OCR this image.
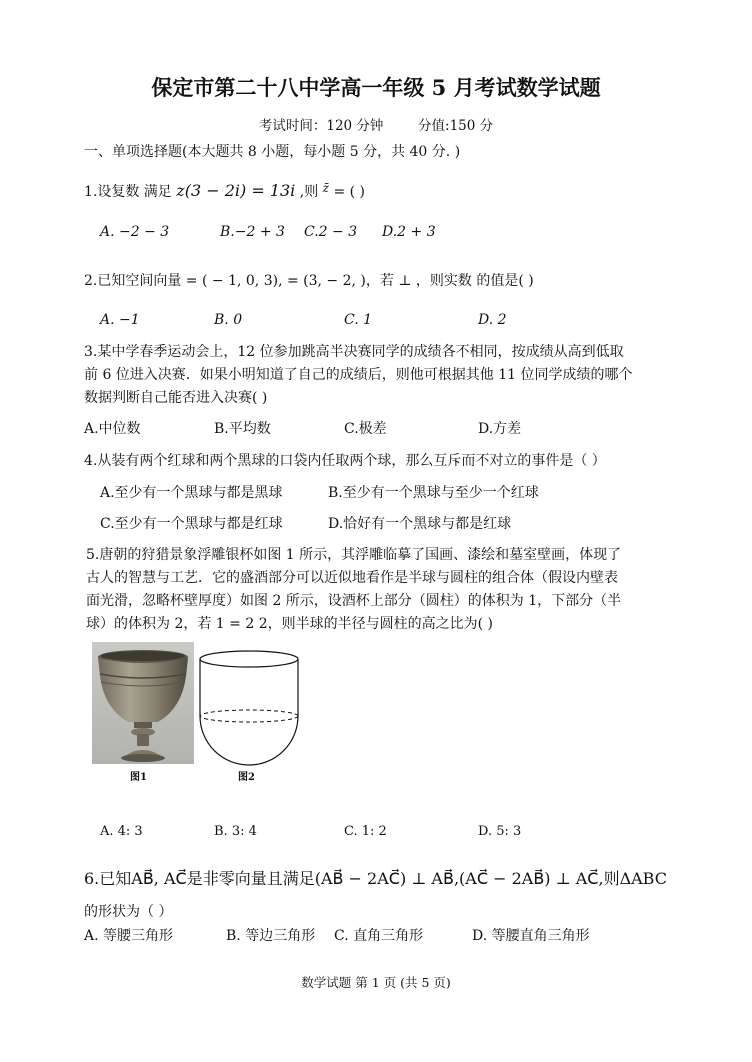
保定市第二十八中学高一年级 5 月考试数学试题
考试时间：120 分钟	分值:150 分
一、单项选择题(本大题共 8 小题，每小题 5 分，共 40 分. )
1.设复数 满足 z(3 − 2i) = 13i ,则 z̄ = ( )
A. −2 − 3	B.−2 + 3 C.2 − 3 D.2 + 3
2.已知空间向量 = ( − 1, 0, 3), = (3, − 2, )，若 ⊥ ，则实数 的值是( )
A. −1	B. 0	C. 1	D. 2
3.某中学春季运动会上，12 位参加跳高半决赛同学的成绩各不相同，按成绩从高到低取
前 6 位进入决赛．如果小明知道了自己的成绩后，则他可根据其他 11 位同学成绩的哪个
数据判断自己能否进入决赛( )
A.中位数	B.平均数	C.极差	D.方差
4.从装有两个红球和两个黑球的口袋内任取两个球，那么互斥而不对立的事件是（ ）
A.至少有一个黑球与都是黑球	B.至少有一个黑球与至少一个红球
C.至少有一个黑球与都是红球	D.恰好有一个黑球与都是红球
5.唐朝的狩猎景象浮雕银杯如图 1 所示，其浮雕临摹了国画、漆绘和墓室壁画，体现了
古人的智慧与工艺．它的盛酒部分可以近似地看作是半球与圆柱的组合体（假设内壁表
面光滑，忽略杯壁厚度）如图 2 所示，设酒杯上部分（圆柱）的体积为 1，下部分（半
球）的体积为 2，若 1 = 2 2，则半球的半径与圆柱的高之比为( )
图1	图2
A. 4: 3	B. 3: 4	C. 1: 2	D. 5: 3
6.已知AB⃗, AC⃗是非零向量且满足(AB⃗ − 2AC⃗) ⊥ AB⃗,(AC⃗ − 2AB⃗) ⊥ AC⃗,则ΔABC
的形状为（ ）
A. 等腰三角形	B. 等边三角形 C. 直角三角形	D. 等腰直角三角形
数学试题 第 1 页 (共 5 页)
